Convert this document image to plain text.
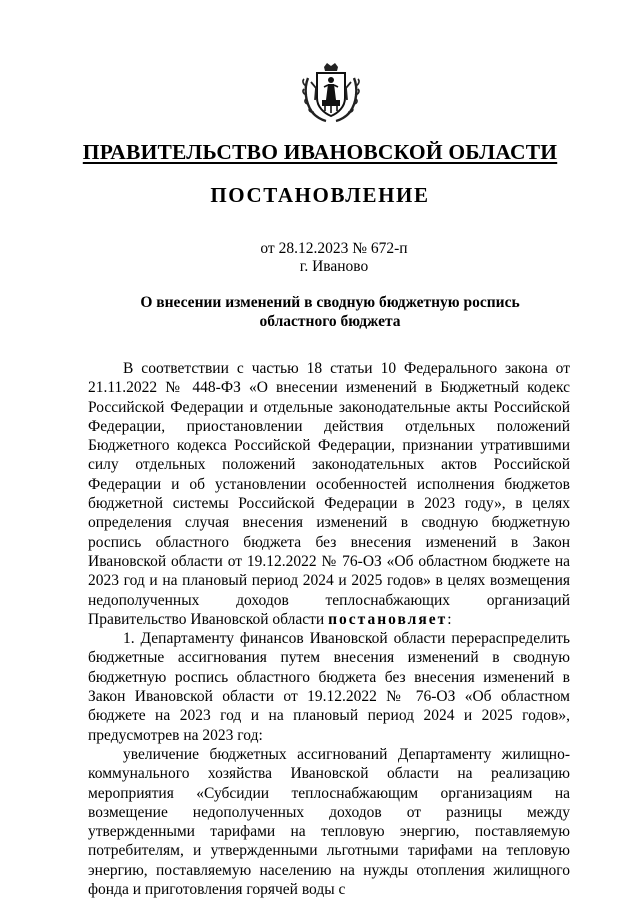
ПРАВИТЕЛЬСТВО ИВАНОВСКОЙ ОБЛАСТИ
ПОСТАНОВЛЕНИЕ
от 28.12.2023 № 672-п
г. Иваново
О внесении изменений в сводную бюджетную роспись
областного бюджета

В соответствии с частью 18 статьи 10 Федерального закона от 21.11.2022 № 448-ФЗ «О внесении изменений в Бюджетный кодекс Российской Федерации и отдельные законодательные акты Российской Федерации, приостановлении действия отдельных положений Бюджетного кодекса Российской Федерации, признании утратившими силу отдельных положений законодательных актов Российской Федерации и об установлении особенностей исполнения бюджетов бюджетной системы Российской Федерации в 2023 году», в целях определения случая внесения изменений в сводную бюджетную роспись областного бюджета без внесения изменений в Закон Ивановской области от 19.12.2022 № 76-ОЗ «Об областном бюджете на 2023 год и на плановый период 2024 и 2025 годов» в целях возмещения недополученных доходов теплоснабжающих организаций Правительство Ивановской области постановляет:

1. Департаменту финансов Ивановской области перераспределить бюджетные ассигнования путем внесения изменений в сводную бюджетную роспись областного бюджета без внесения изменений в Закон Ивановской области от 19.12.2022 № 76-ОЗ «Об областном бюджете на 2023 год и на плановый период 2024 и 2025 годов», предусмотрев на 2023 год:

увеличение бюджетных ассигнований Департаменту жилищно-коммунального хозяйства Ивановской области на реализацию мероприятия «Субсидии теплоснабжающим организациям на возмещение недополученных доходов от разницы между утвержденными тарифами на тепловую энергию, поставляемую потребителям, и утвержденными льготными тарифами на тепловую энергию, поставляемую населению на нужды отопления жилищного фонда и приготовления горячей воды с
